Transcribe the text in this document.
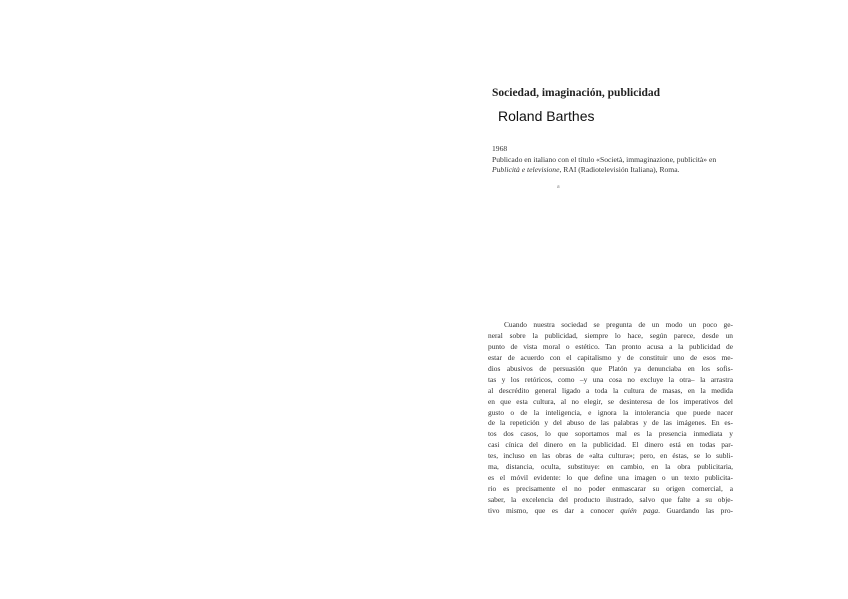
Sociedad, imaginación, publicidad
Roland Barthes
1968
Publicado en italiano con el título «Società, immaginazione, publicità» en
Publicità e televisione, RAI (Radiotelevisión Italiana), Roma.
a
Cuando nuestra sociedad se pregunta de un modo un poco ge-
neral sobre la publicidad, siempre lo hace, según parece, desde un
punto de vista moral o estético. Tan pronto acusa a la publicidad de
estar de acuerdo con el capitalismo y de constituir uno de esos me-
dios abusivos de persuasión que Platón ya denunciaba en los sofis-
tas y los retóricos, como –y una cosa no excluye la otra– la arrastra
al descrédito general ligado a toda la cultura de masas, en la medida
en que esta cultura, al no elegir, se desinteresa de los imperativos del
gusto o de la inteligencia, e ignora la intolerancia que puede nacer
de la repetición y del abuso de las palabras y de las imágenes. En es-
tos dos casos, lo que soportamos mal es la presencia inmediata y
casi cínica del dinero en la publicidad. El dinero está en todas par-
tes, incluso en las obras de «alta cultura»; pero, en éstas, se lo subli-
ma, distancia, oculta, substituye: en cambio, en la obra publicitaria,
es el móvil evidente: lo que define una imagen o un texto publicita-
rio es precisamente el no poder enmascarar su origen comercial, a
saber, la excelencia del producto ilustrado, salvo que falte a su obje-
tivo mismo, que es dar a conocer quién paga. Guardando las pro-
